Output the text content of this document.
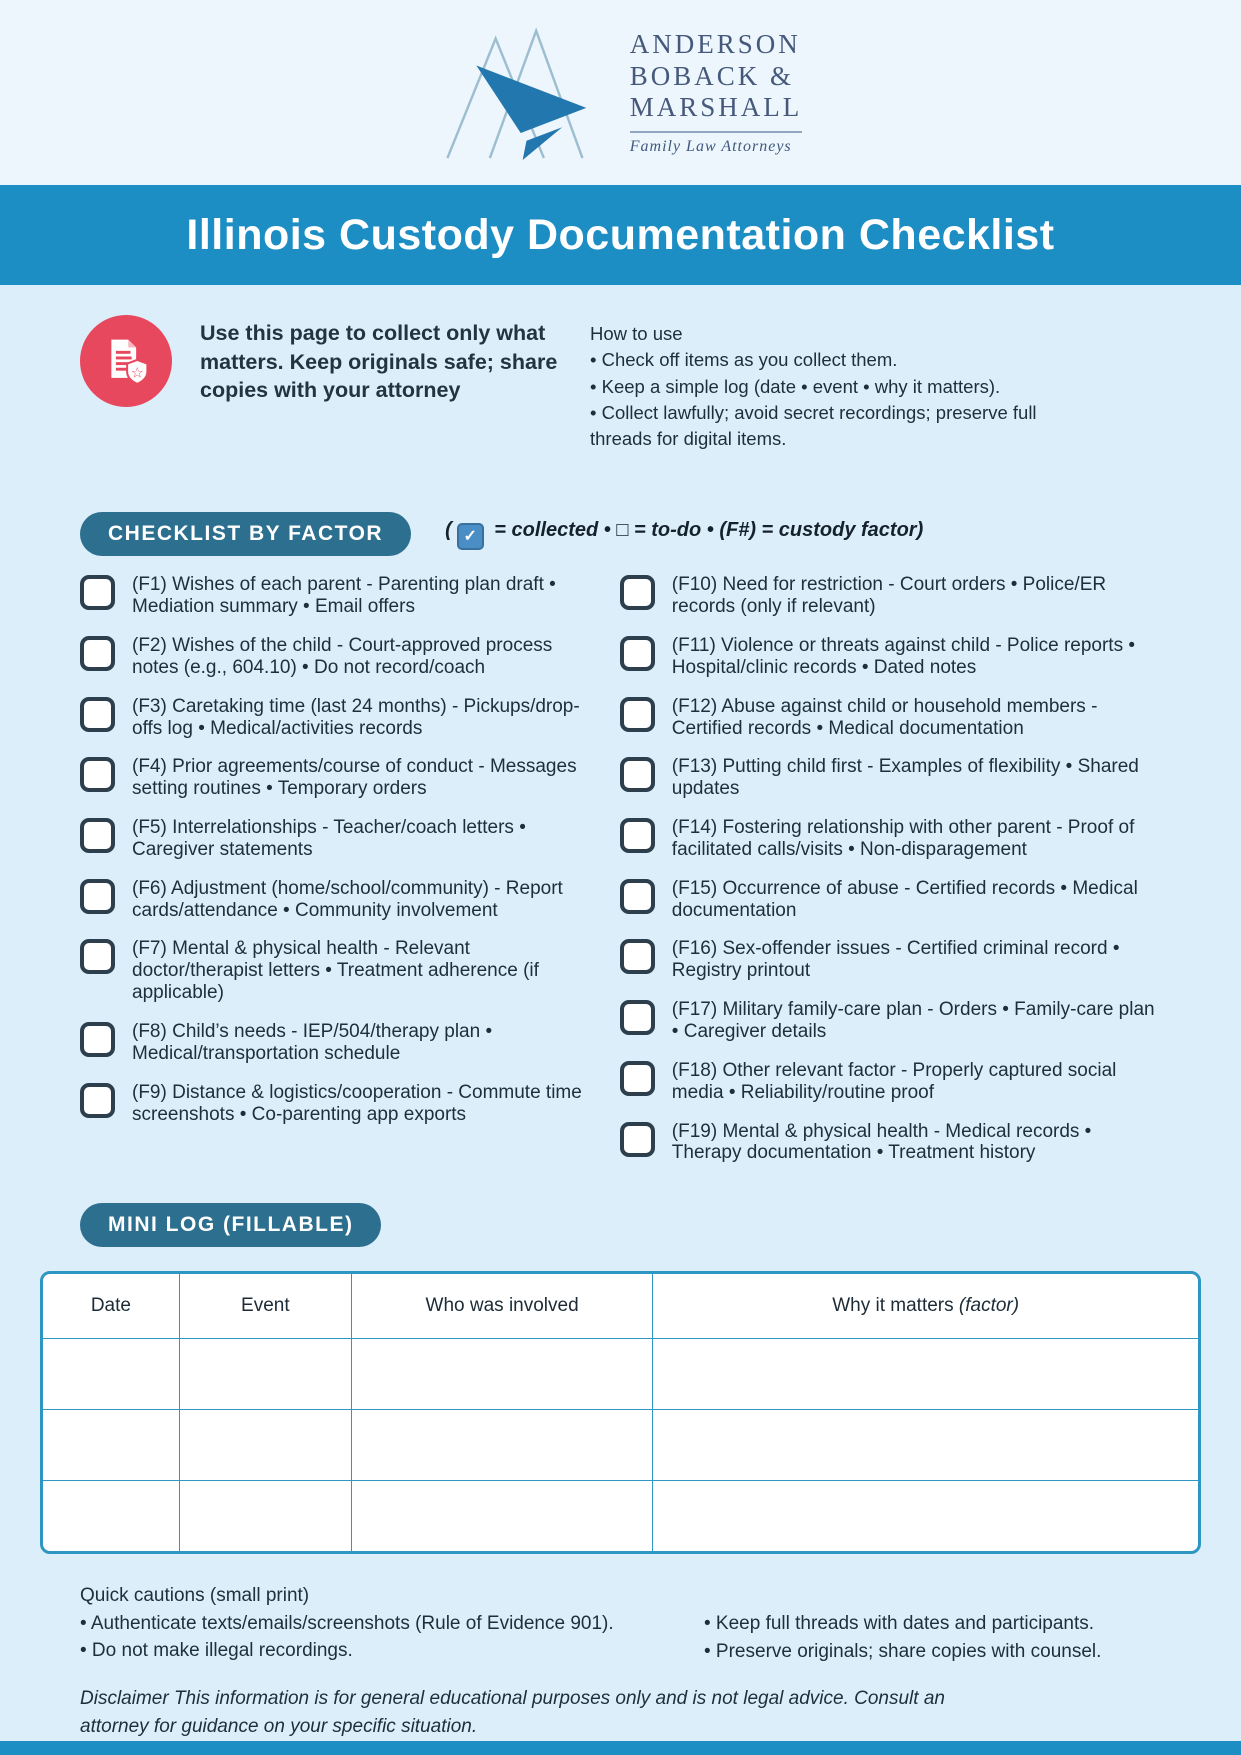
ANDERSON
BOBACK &
MARSHALL
Family Law Attorneys
Illinois Custody Documentation Checklist
☆
Use this page to collect only what matters. Keep originals safe; share copies with your attorney
How to use
• Check off items as you collect them.
• Keep a simple log (date • event • why it matters).
• Collect lawfully; avoid secret recordings; preserve full threads for digital items.
CHECKLIST BY FACTOR	( ✓ = collected • □ = to-do • (F#) = custody factor)
(F1) Wishes of each parent - Parenting plan draft • Mediation summary • Email offers
(F2) Wishes of the child - Court-approved process notes (e.g., 604.10) • Do not record/coach
(F3) Caretaking time (last 24 months) - Pickups/drop-offs log • Medical/activities records
(F4) Prior agreements/course of conduct - Messages setting routines • Temporary orders
(F5) Interrelationships - Teacher/coach letters • Caregiver statements
(F6) Adjustment (home/school/community) - Report cards/attendance • Community involvement
(F7) Mental & physical health - Relevant doctor/therapist letters • Treatment adherence (if applicable)
(F8) Child’s needs - IEP/504/therapy plan • Medical/transportation schedule
(F9) Distance & logistics/cooperation - Commute time screenshots • Co-parenting app exports
(F10) Need for restriction - Court orders • Police/ER records (only if relevant)
(F11) Violence or threats against child - Police reports • Hospital/clinic records • Dated notes
(F12) Abuse against child or household members - Certified records • Medical documentation
(F13) Putting child first - Examples of flexibility • Shared updates
(F14) Fostering relationship with other parent - Proof of facilitated calls/visits • Non-disparagement
(F15) Occurrence of abuse - Certified records • Medical documentation
(F16) Sex-offender issues - Certified criminal record • Registry printout
(F17) Military family-care plan - Orders • Family-care plan • Caregiver details
(F18) Other relevant factor - Properly captured social media • Reliability/routine proof
(F19) Mental & physical health - Medical records • Therapy documentation • Treatment history
MINI LOG (FILLABLE)
Date	Event	Who was involved	Why it matters (factor)

Quick cautions (small print)
• Authenticate texts/emails/screenshots (Rule of Evidence 901).
• Do not make illegal recordings.
• Keep full threads with dates and participants.
• Preserve originals; share copies with counsel.
Disclaimer This information is for general educational purposes only and is not legal advice. Consult an attorney for guidance on your specific situation.
